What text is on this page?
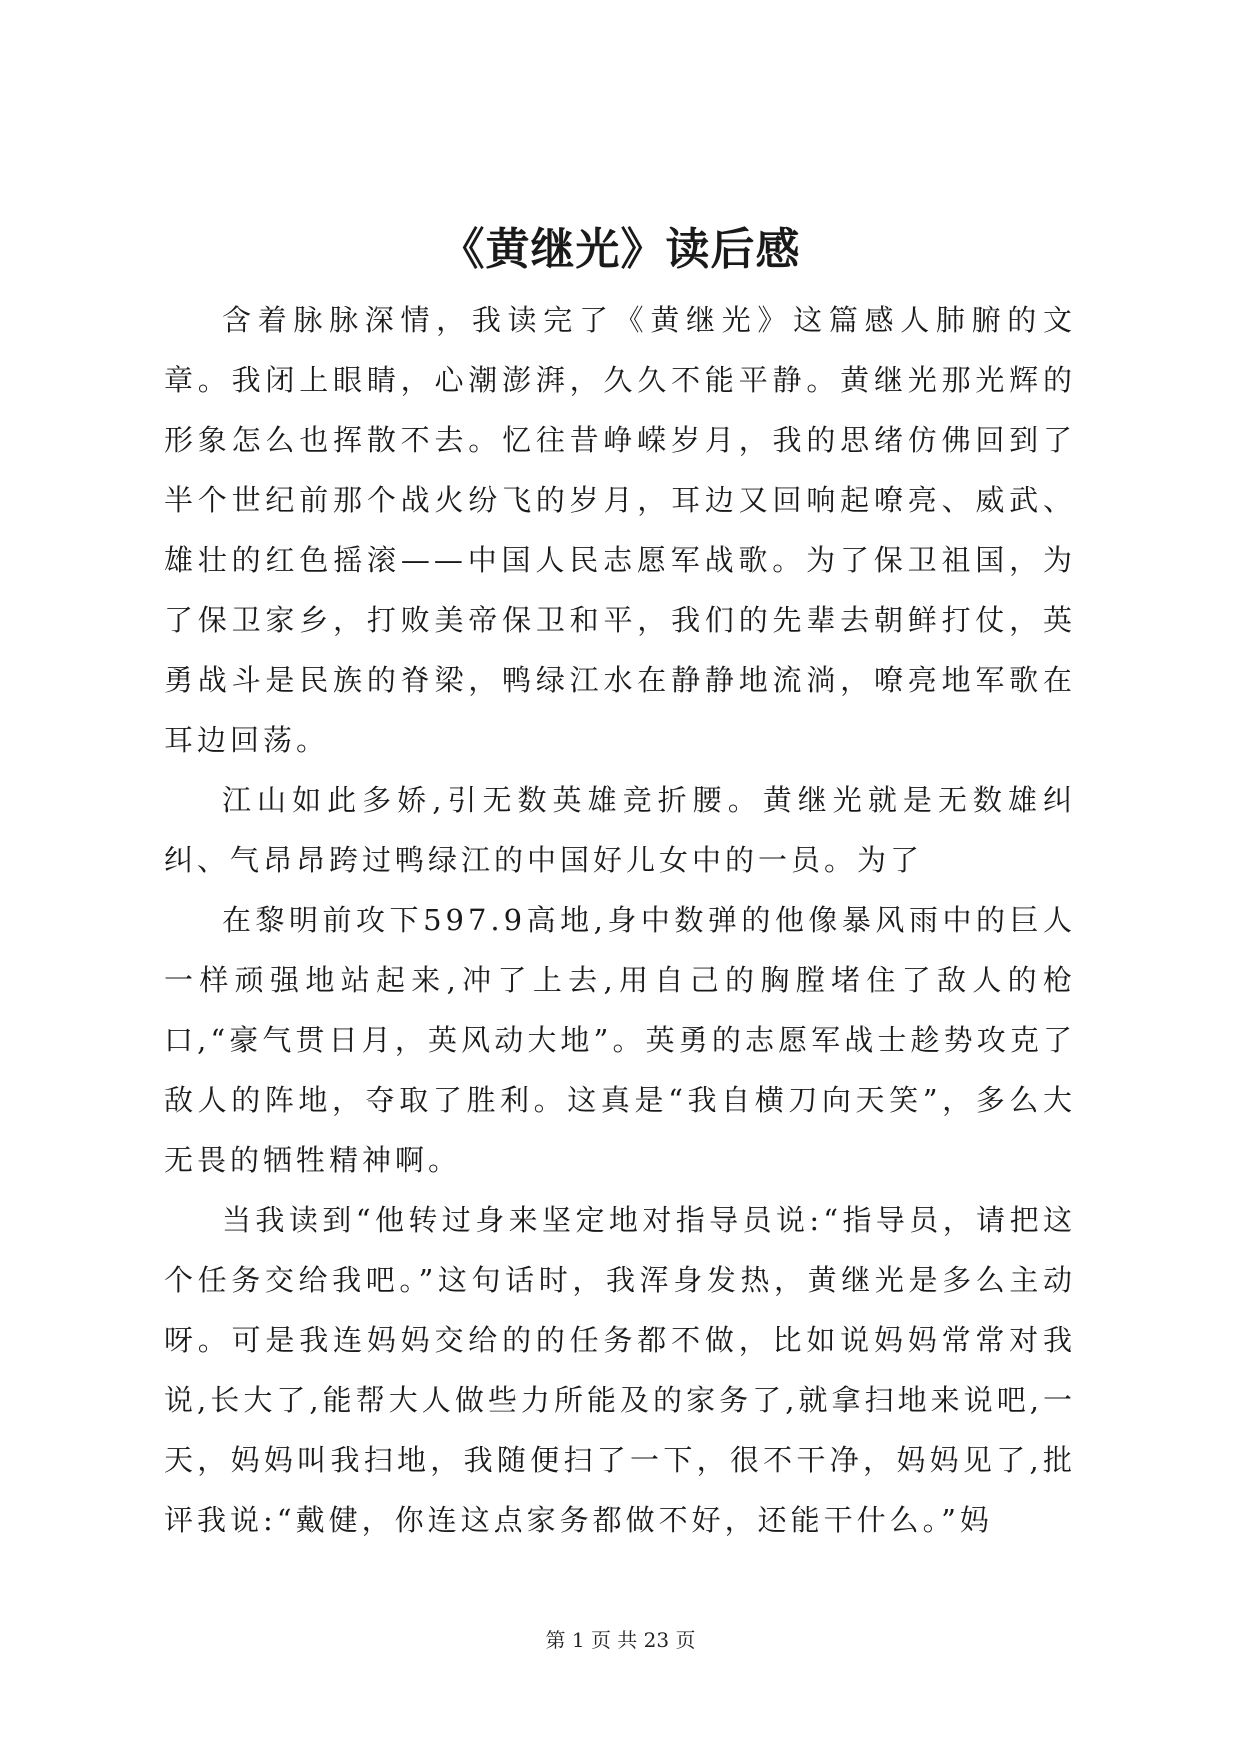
《黄继光》读后感

含着脉脉深情，我读完了《黄继光》这篇感人肺腑的文章。我闭上眼睛，心潮澎湃，久久不能平静。黄继光那光辉的形象怎么也挥散不去。忆往昔峥嵘岁月，我的思绪仿佛回到了半个世纪前那个战火纷飞的岁月，耳边又回响起嘹亮、威武、雄壮的红色摇滚——中国人民志愿军战歌。为了保卫祖国，为了保卫家乡，打败美帝保卫和平，我们的先辈去朝鲜打仗，英勇战斗是民族的脊梁，鸭绿江水在静静地流淌，嘹亮地军歌在耳边回荡。

江山如此多娇,引无数英雄竞折腰。黄继光就是无数雄纠纠、气昂昂跨过鸭绿江的中国好儿女中的一员。为了

在黎明前攻下597.9高地,身中数弹的他像暴风雨中的巨人一样顽强地站起来,冲了上去,用自己的胸膛堵住了敌人的枪口,“豪气贯日月，英风动大地”。英勇的志愿军战士趁势攻克了敌人的阵地，夺取了胜利。这真是“我自横刀向天笑”，多么大无畏的牺牲精神啊。

当我读到“他转过身来坚定地对指导员说:“指导员，请把这个任务交给我吧。”这句话时，我浑身发热，黄继光是多么主动呀。可是我连妈妈交给的的任务都不做，比如说妈妈常常对我说,长大了,能帮大人做些力所能及的家务了,就拿扫地来说吧,一天，妈妈叫我扫地，我随便扫了一下，很不干净，妈妈见了,批评我说:“戴健，你连这点家务都做不好，还能干什么。”妈

第 1 页 共 23 页
